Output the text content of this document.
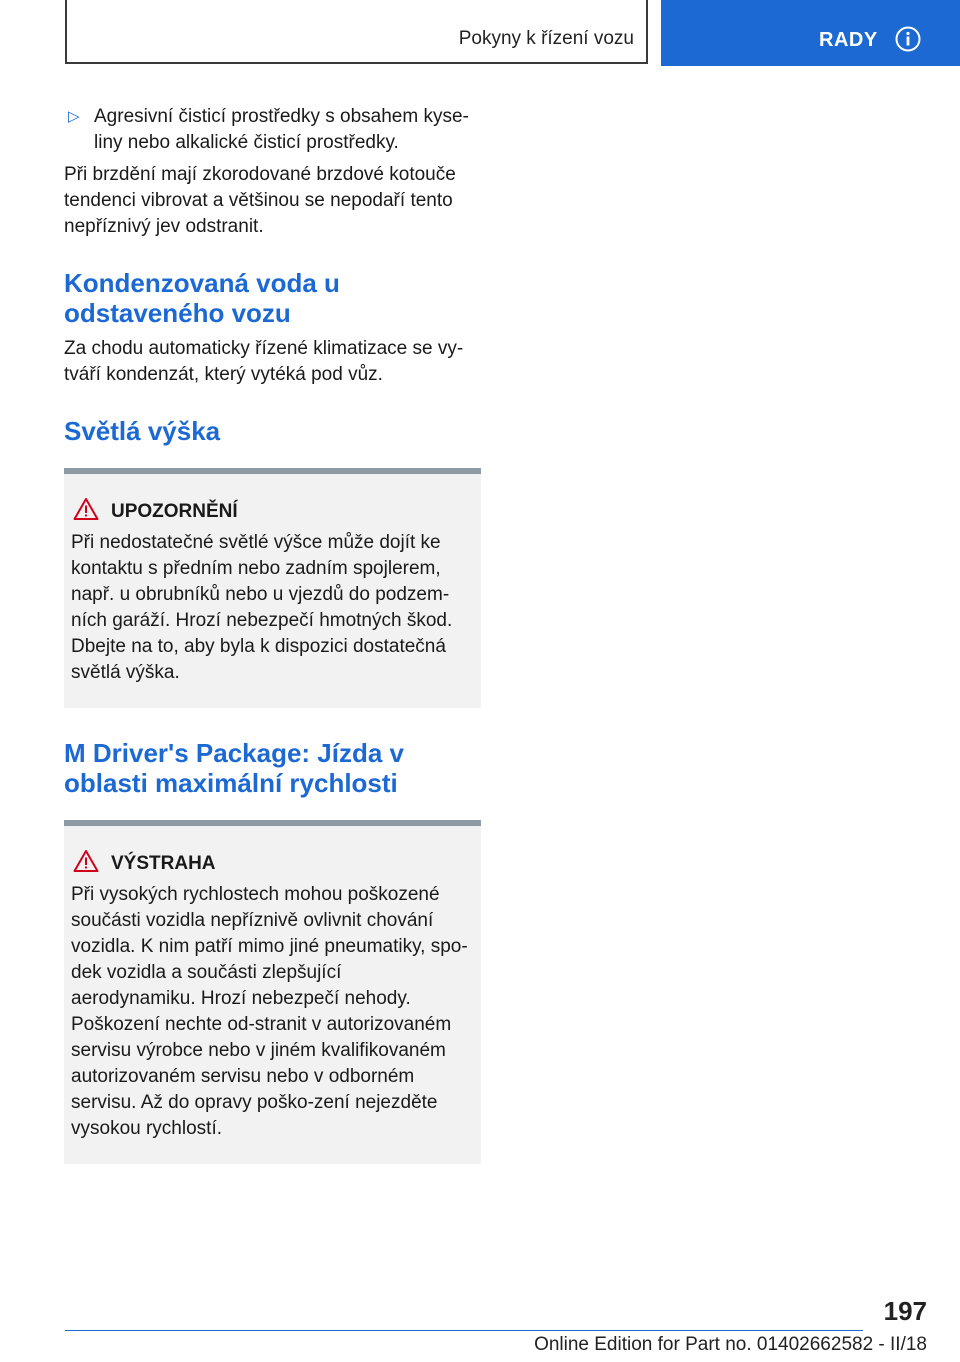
Pokyny k řízení vozu	RADY
▷ Agresivní čisticí prostředky s obsahem kyse-liny nebo alkalické čisticí prostředky.

Při brzdění mají zkorodované brzdové kotouče tendenci vibrovat a většinou se nepodaří tento nepříznivý jev odstranit.

Kondenzovaná voda u odstaveného vozu

Za chodu automaticky řízené klimatizace se vy-tváří kondenzát, který vytéká pod vůz.

Světlá výška
UPOZORNĚNÍ

Při nedostatečné světlé výšce může dojít ke kontaktu s předním nebo zadním spojlerem, např. u obrubníků nebo u vjezdů do podzem-ních garáží. Hrozí nebezpečí hmotných škod. Dbejte na to, aby byla k dispozici dostatečná světlá výška.

M Driver's Package: Jízda v oblasti maximální rychlosti
VÝSTRAHA

Při vysokých rychlostech mohou poškozené součásti vozidla nepříznivě ovlivnit chování vozidla. K nim patří mimo jiné pneumatiky, spo-dek vozidla a součásti zlepšující aerodynamiku. Hrozí nebezpečí nehody. Poškození nechte od-stranit v autorizovaném servisu výrobce nebo v jiném kvalifikovaném autorizovaném servisu nebo v odborném servisu. Až do opravy poško-zení nejezděte vysokou rychlostí.

197
Online Edition for Part no. 01402662582 - II/18
